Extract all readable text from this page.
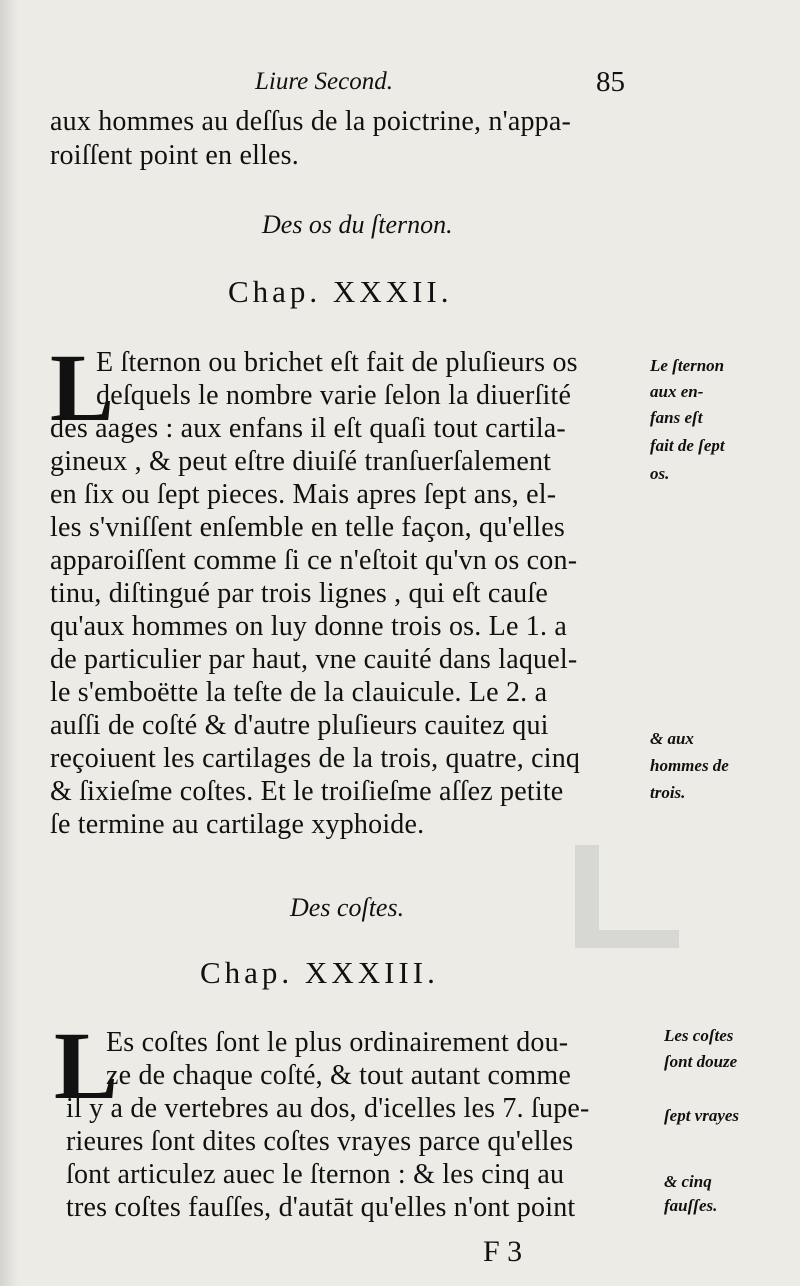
Liure Second.	85
aux hommes au deſſus de la poictrine, n'appa-
roiſſent point en elles.
Des os du ſternon.
Chap. XXXII.
L
E ſternon ou brichet eſt fait de pluſieurs os
deſquels le nombre varie ſelon la diuerſité
des aages : aux enfans il eſt quaſi tout cartila-
gineux , & peut eſtre diuiſé tranſuerſalement
en ſix ou ſept pieces. Mais apres ſept ans, el-
les s'vniſſent enſemble en telle façon, qu'elles
apparoiſſent comme ſi ce n'eſtoit qu'vn os con-
tinu, diſtingué par trois lignes , qui eſt cauſe
qu'aux hommes on luy donne trois os. Le 1. a
de particulier par haut, vne cauité dans laquel-
le s'emboëtte la teſte de la clauicule. Le 2. a
auſſi de coſté & d'autre pluſieurs cauitez qui
reçoiuent les cartilages de la trois, quatre, cinq
& ſixieſme coſtes. Et le troiſieſme aſſez petite
ſe termine au cartilage xyphoide.
Le ſternon
aux en-
fans eſt
fait de ſept
os.
& aux
hommes de
trois.
Des coſtes.
Chap. XXXIII.
L
Es coſtes ſont le plus ordinairement dou-
ze de chaque coſté, & tout autant comme
il y a de vertebres au dos, d'icelles les 7. ſupe-
rieures ſont dites coſtes vrayes parce qu'elles
ſont articulez auec le ſternon : & les cinq au
tres coſtes fauſſes, d'autāt qu'elles n'ont point
Les coſtes
ſont douze
ſept vrayes
& cinq
fauſſes.
F 3
